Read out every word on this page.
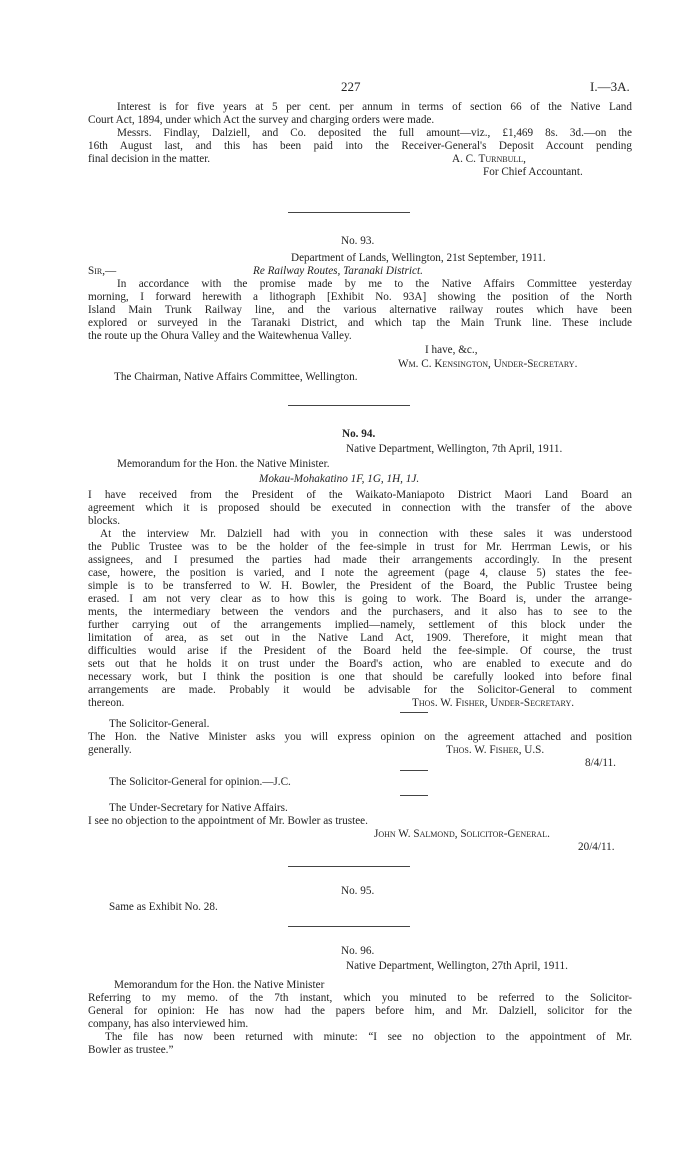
227	I.—3A.
Interest is for five years at 5 per cent. per annum in terms of section 66 of the Native Land
Court Act, 1894, under which Act the survey and charging orders were made.
Messrs. Findlay, Dalziell, and Co. deposited the full amount—viz., £1,469 8s. 3d.—on the
16th August last, and this has been paid into the Receiver-General's Deposit Account pending
final decision in the matter.	A. C. Turnbull,
For Chief Accountant.
No. 93.
Department of Lands, Wellington, 21st September, 1911.
Sir,—	Re Railway Routes, Taranaki District.
In accordance with the promise made by me to the Native Affairs Committee yesterday
morning, I forward herewith a lithograph [Exhibit No. 93A] showing the position of the North
Island Main Trunk Railway line, and the various alternative railway routes which have been
explored or surveyed in the Taranaki District, and which tap the Main Trunk line. These include
the route up the Ohura Valley and the Waitewhenua Valley.
I have, &c.,
Wm. C. Kensington, Under-Secretary.
The Chairman, Native Affairs Committee, Wellington.
No. 94.
Native Department, Wellington, 7th April, 1911.
Memorandum for the Hon. the Native Minister.
Mokau-Mohakatino 1F, 1G, 1H, 1J.
I have received from the President of the Waikato-Maniapoto District Maori Land Board an
agreement which it is proposed should be executed in connection with the transfer of the above
blocks.
At the interview Mr. Dalziell had with you in connection with these sales it was understood
the Public Trustee was to be the holder of the fee-simple in trust for Mr. Herrman Lewis, or his
assignees, and I presumed the parties had made their arrangements accordingly. In the present
case, howere, the position is varied, and I note the agreement (page 4, clause 5) states the fee-
simple is to be transferred to W. H. Bowler, the President of the Board, the Public Trustee being
erased. I am not very clear as to how this is going to work. The Board is, under the arrange-
ments, the intermediary between the vendors and the purchasers, and it also has to see to the
further carrying out of the arrangements implied—namely, settlement of this block under the
limitation of area, as set out in the Native Land Act, 1909. Therefore, it might mean that
difficulties would arise if the President of the Board held the fee-simple. Of course, the trust
sets out that he holds it on trust under the Board's action, who are enabled to execute and do
necessary work, but I think the position is one that should be carefully looked into before final
arrangements are made. Probably it would be advisable for the Solicitor-General to comment
thereon.	Thos. W. Fisher, Under-Secretary.
The Solicitor-General.
The Hon. the Native Minister asks you will express opinion on the agreement attached and position
generally.	Thos. W. Fisher, U.S.
8/4/11.
The Solicitor-General for opinion.—J.C.
The Under-Secretary for Native Affairs.
I see no objection to the appointment of Mr. Bowler as trustee.
John W. Salmond, Solicitor-General.
20/4/11.
No. 95.
Same as Exhibit No. 28.
No. 96.
Native Department, Wellington, 27th April, 1911.
Memorandum for the Hon. the Native Minister
Referring to my memo. of the 7th instant, which you minuted to be referred to the Solicitor-
General for opinion: He has now had the papers before him, and Mr. Dalziell, solicitor for the
company, has also interviewed him.
The file has now been returned with minute: “I see no objection to the appointment of Mr.
Bowler as trustee.”
